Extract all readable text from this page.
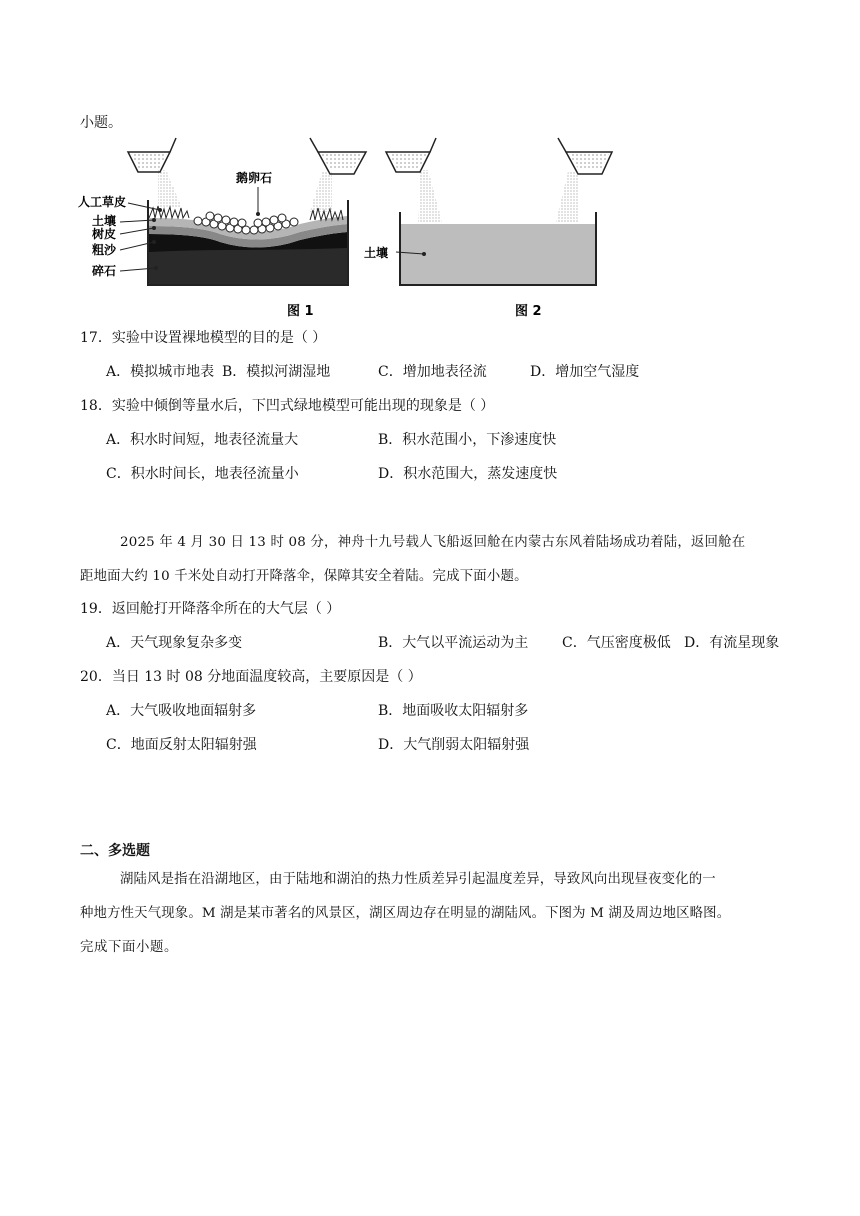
小题。
鹅卵石
人工草皮
土壤
树皮
粗沙
碎石
图 1
土壤
图 2
17．实验中设置裸地模型的目的是（ ）
A．模拟城市地表 B．模拟河湖湿地	C．增加地表径流	D．增加空气湿度
18．实验中倾倒等量水后，下凹式绿地模型可能出现的现象是（ ）
A．积水时间短，地表径流量大	B．积水范围小，下渗速度快
C．积水时间长，地表径流量小	D．积水范围大，蒸发速度快
2025 年 4 月 30 日 13 时 08 分，神舟十九号载人飞船返回舱在内蒙古东风着陆场成功着陆，返回舱在
距地面大约 10 千米处自动打开降落伞，保障其安全着陆。完成下面小题。
19．返回舱打开降落伞所在的大气层（ ）
A．天气现象复杂多变	B．大气以平流运动为主 C．气压密度极低 D．有流星现象
20．当日 13 时 08 分地面温度较高，主要原因是（ ）
A．大气吸收地面辐射多	B．地面吸收太阳辐射多
C．地面反射太阳辐射强	D．大气削弱太阳辐射强
二、多选题
湖陆风是指在沿湖地区，由于陆地和湖泊的热力性质差异引起温度差异，导致风向出现昼夜变化的一
种地方性天气现象。M 湖是某市著名的风景区，湖区周边存在明显的湖陆风。下图为 M 湖及周边地区略图。
完成下面小题。
